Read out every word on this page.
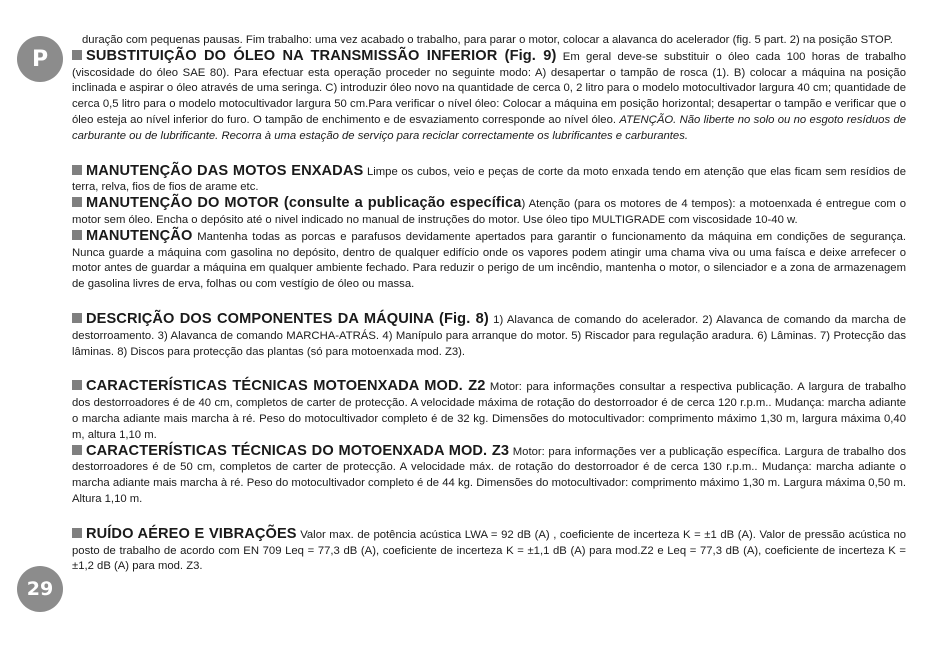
P
29

duração com pequenas pausas. Fim trabalho: uma vez acabado o trabalho, para parar o motor, colocar a alavanca do acelerador (fig. 5 part. 2) na posição STOP.

SUBSTITUIÇÃO DO ÓLEO NA TRANSMISSÃO INFERIOR (Fig. 9) Em geral deve-se substituir o óleo cada 100 horas de trabalho (viscosidade do óleo SAE 80). Para efectuar esta operação proceder no seguinte modo: A) desapertar o tampão de rosca (1). B) colocar a máquina na posição inclinada e aspirar o óleo através de uma seringa. C) introduzir óleo novo na quantidade de cerca 0, 2 litro para o modelo motocultivador largura 40 cm; quantidade de cerca 0,5 litro para o modelo motocultivador largura 50 cm.Para verificar o nível óleo: Colocar a máquina em posição horizontal; desapertar o tampão e verificar que o óleo esteja ao nível inferior do furo. O tampão de enchimento e de esvaziamento corresponde ao nível óleo. ATENÇÃO. Não liberte no solo ou no esgoto resíduos de carburante ou de lubrificante. Recorra à uma estação de serviço para reciclar correctamente os lubrificantes e carburantes.

MANUTENÇÃO DAS MOTOS ENXADAS Limpe os cubos, veio e peças de corte da moto enxada tendo em atenção que elas ficam sem resídios de terra, relva, fios de fios de arame etc.

MANUTENÇÃO DO MOTOR (consulte a publicação específica) Atenção (para os motores de 4 tempos): a motoenxada é entregue com o motor sem óleo. Encha o depósito até o nivel indicado no manual de instruções do motor. Use óleo tipo MULTIGRADE com viscosidade 10-40 w.

MANUTENÇÃO Mantenha todas as porcas e parafusos devidamente apertados para garantir o funcionamento da máquina em condições de segurança. Nunca guarde a máquina com gasolina no depósito, dentro de qualquer edifício onde os vapores podem atingir uma chama viva ou uma faísca e deixe arrefecer o motor antes de guardar a máquina em qualquer ambiente fechado. Para reduzir o perigo de um incêndio, mantenha o motor, o silenciador e a zona de armazenagem de gasolina livres de erva, folhas ou com vestígio de óleo ou massa.

DESCRIÇÃO DOS COMPONENTES DA MÁQUINA (Fig. 8) 1) Alavanca de comando do acelerador. 2) Alavanca de comando da marcha de destorroamento. 3) Alavanca de comando MARCHA-ATRÁS. 4) Manípulo para arranque do motor. 5) Riscador para regulação aradura. 6) Lâminas. 7) Protecção das lâminas. 8) Discos para protecção das plantas (só para motoenxada mod. Z3).

CARACTERÍSTICAS TÉCNICAS MOTOENXADA MOD. Z2 Motor: para informações consultar a respectiva publicação. A largura de trabalho dos destorroadores é de 40 cm, completos de carter de protecção. A velocidade máxima de rotação do destorroador é de cerca 120 r.p.m.. Mudança: marcha adiante o marcha adiante mais marcha à ré. Peso do motocultivador completo é de 32 kg. Dimensões do motocultivador: comprimento máximo 1,30 m, largura máxima 0,40 m, altura 1,10 m.

CARACTERÍSTICAS TÉCNICAS DO MOTOENXADA MOD. Z3 Motor: para informações ver a publicação específica. Largura de trabalho dos destorroadores é de 50 cm, completos de carter de protecção. A velocidade máx. de rotação do destorroador é de cerca 130 r.p.m.. Mudança: marcha adiante o marcha adiante mais marcha à ré. Peso do motocultivador completo é de 44 kg. Dimensões do motocultivador: comprimento máximo 1,30 m. Largura máxima 0,50 m. Altura 1,10 m.

RUÍDO AÉREO E VIBRAÇÕES Valor max. de potência acústica LWA = 92 dB (A) , coeficiente de incerteza K = ±1 dB (A). Valor de pressão acústica no posto de trabalho de acordo com EN 709 Leq = 77,3 dB (A), coeficiente de incerteza K = ±1,1 dB (A) para mod.Z2 e Leq = 77,3 dB (A), coeficiente de incerteza K = ±1,2 dB (A) para mod. Z3.
